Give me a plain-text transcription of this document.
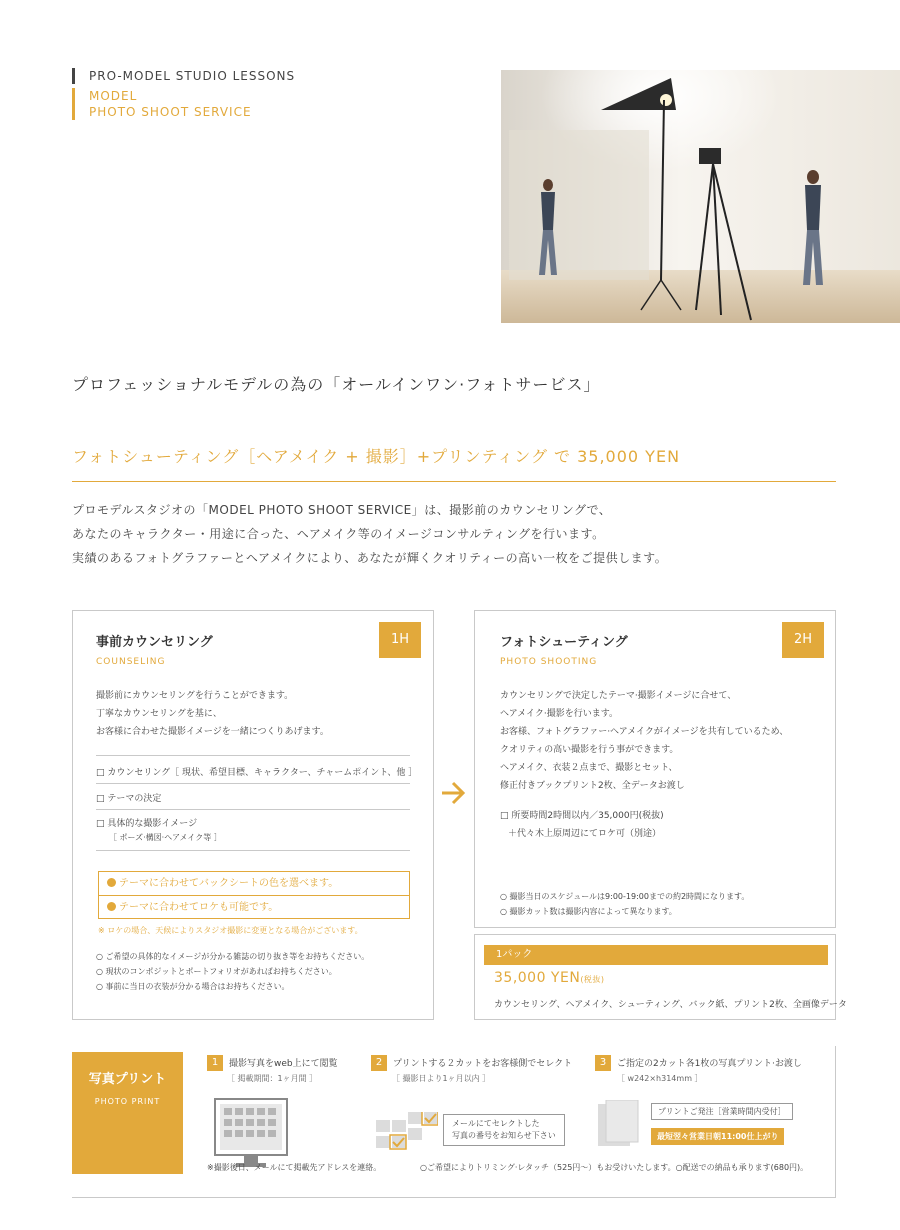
PRO-MODEL STUDIO LESSONS
MODEL
PHOTO SHOOT SERVICE
プロフェッショナルモデルの為の「オールインワン·フォトサービス」
フォトシューティング［ヘアメイク + 撮影］+プリンティング で 35,000 YEN
プロモデルスタジオの「MODEL PHOTO SHOOT SERVICE」は、撮影前のカウンセリングで、
あなたのキャラクター・用途に合った、ヘアメイク等のイメージコンサルティングを行います。
実績のあるフォトグラファーとヘアメイクにより、あなたが輝くクオリティーの高い一枚をご提供します。
事前カウンセリング
COUNSELING
1H
撮影前にカウンセリングを行うことができます。
丁寧なカウンセリングを基に、
お客様に合わせた撮影イメージを一緒につくりあげます。
□ カウンセリング［ 現状、希望目標、キャラクター、チャームポイント、他 ］
□ テーマの決定
□ 具体的な撮影イメージ
［ ポーズ·構図·ヘアメイク等 ］
テーマに合わせてバックシートの色を選べます。
テーマに合わせてロケも可能です。
※ ロケの場合、天候によりスタジオ撮影に変更となる場合がございます。
○ ご希望の具体的なイメージが分かる雑誌の切り抜き等をお持ちください。
○ 現状のコンポジットとポートフォリオがあればお持ちください。
○ 事前に当日の衣装が分かる場合はお持ちください。
フォトシューティング
PHOTO SHOOTING
2H
カウンセリングで決定したテーマ·撮影イメージに合せて、
ヘアメイク·撮影を行います。
お客様、フォトグラファー·ヘアメイクがイメージを共有しているため、
クオリティの高い撮影を行う事ができます。
ヘアメイク、衣装２点まで、撮影とセット、
修正付きブックプリント2枚、全データお渡し
□ 所要時間2時間以内／35,000円(税抜)
＋代々木上原周辺にてロケ可（別途）
○ 撮影当日のスケジュールは9:00-19:00までの約2時間になります。
○ 撮影カット数は撮影内容によって異なります。
1パック
35,000 YEN(税抜)
カウンセリング、ヘアメイク、シューティング、バック紙、プリント2枚、全画像データ
写真プリント
PHOTO PRINT
1 撮影写真をweb上にて閲覧
［ 掲載期間：1ヶ月間 ］
2 プリントする２カットをお客様側でセレクト
［ 撮影日より1ヶ月以内 ］
3 ご指定の2カット各1枚の写真プリント·お渡し
［ w242×h314mm ］
メールにてセレクトした
写真の番号をお知らせ下さい
プリントご発注［営業時間内受付］
最短翌々営業日朝11:00仕上がり
※撮影後日、メールにて掲載先アドレスを連絡。	○ご希望によりトリミング·レタッチ（525円〜）もお受けいたします。○配送での納品も承ります(680円)。
